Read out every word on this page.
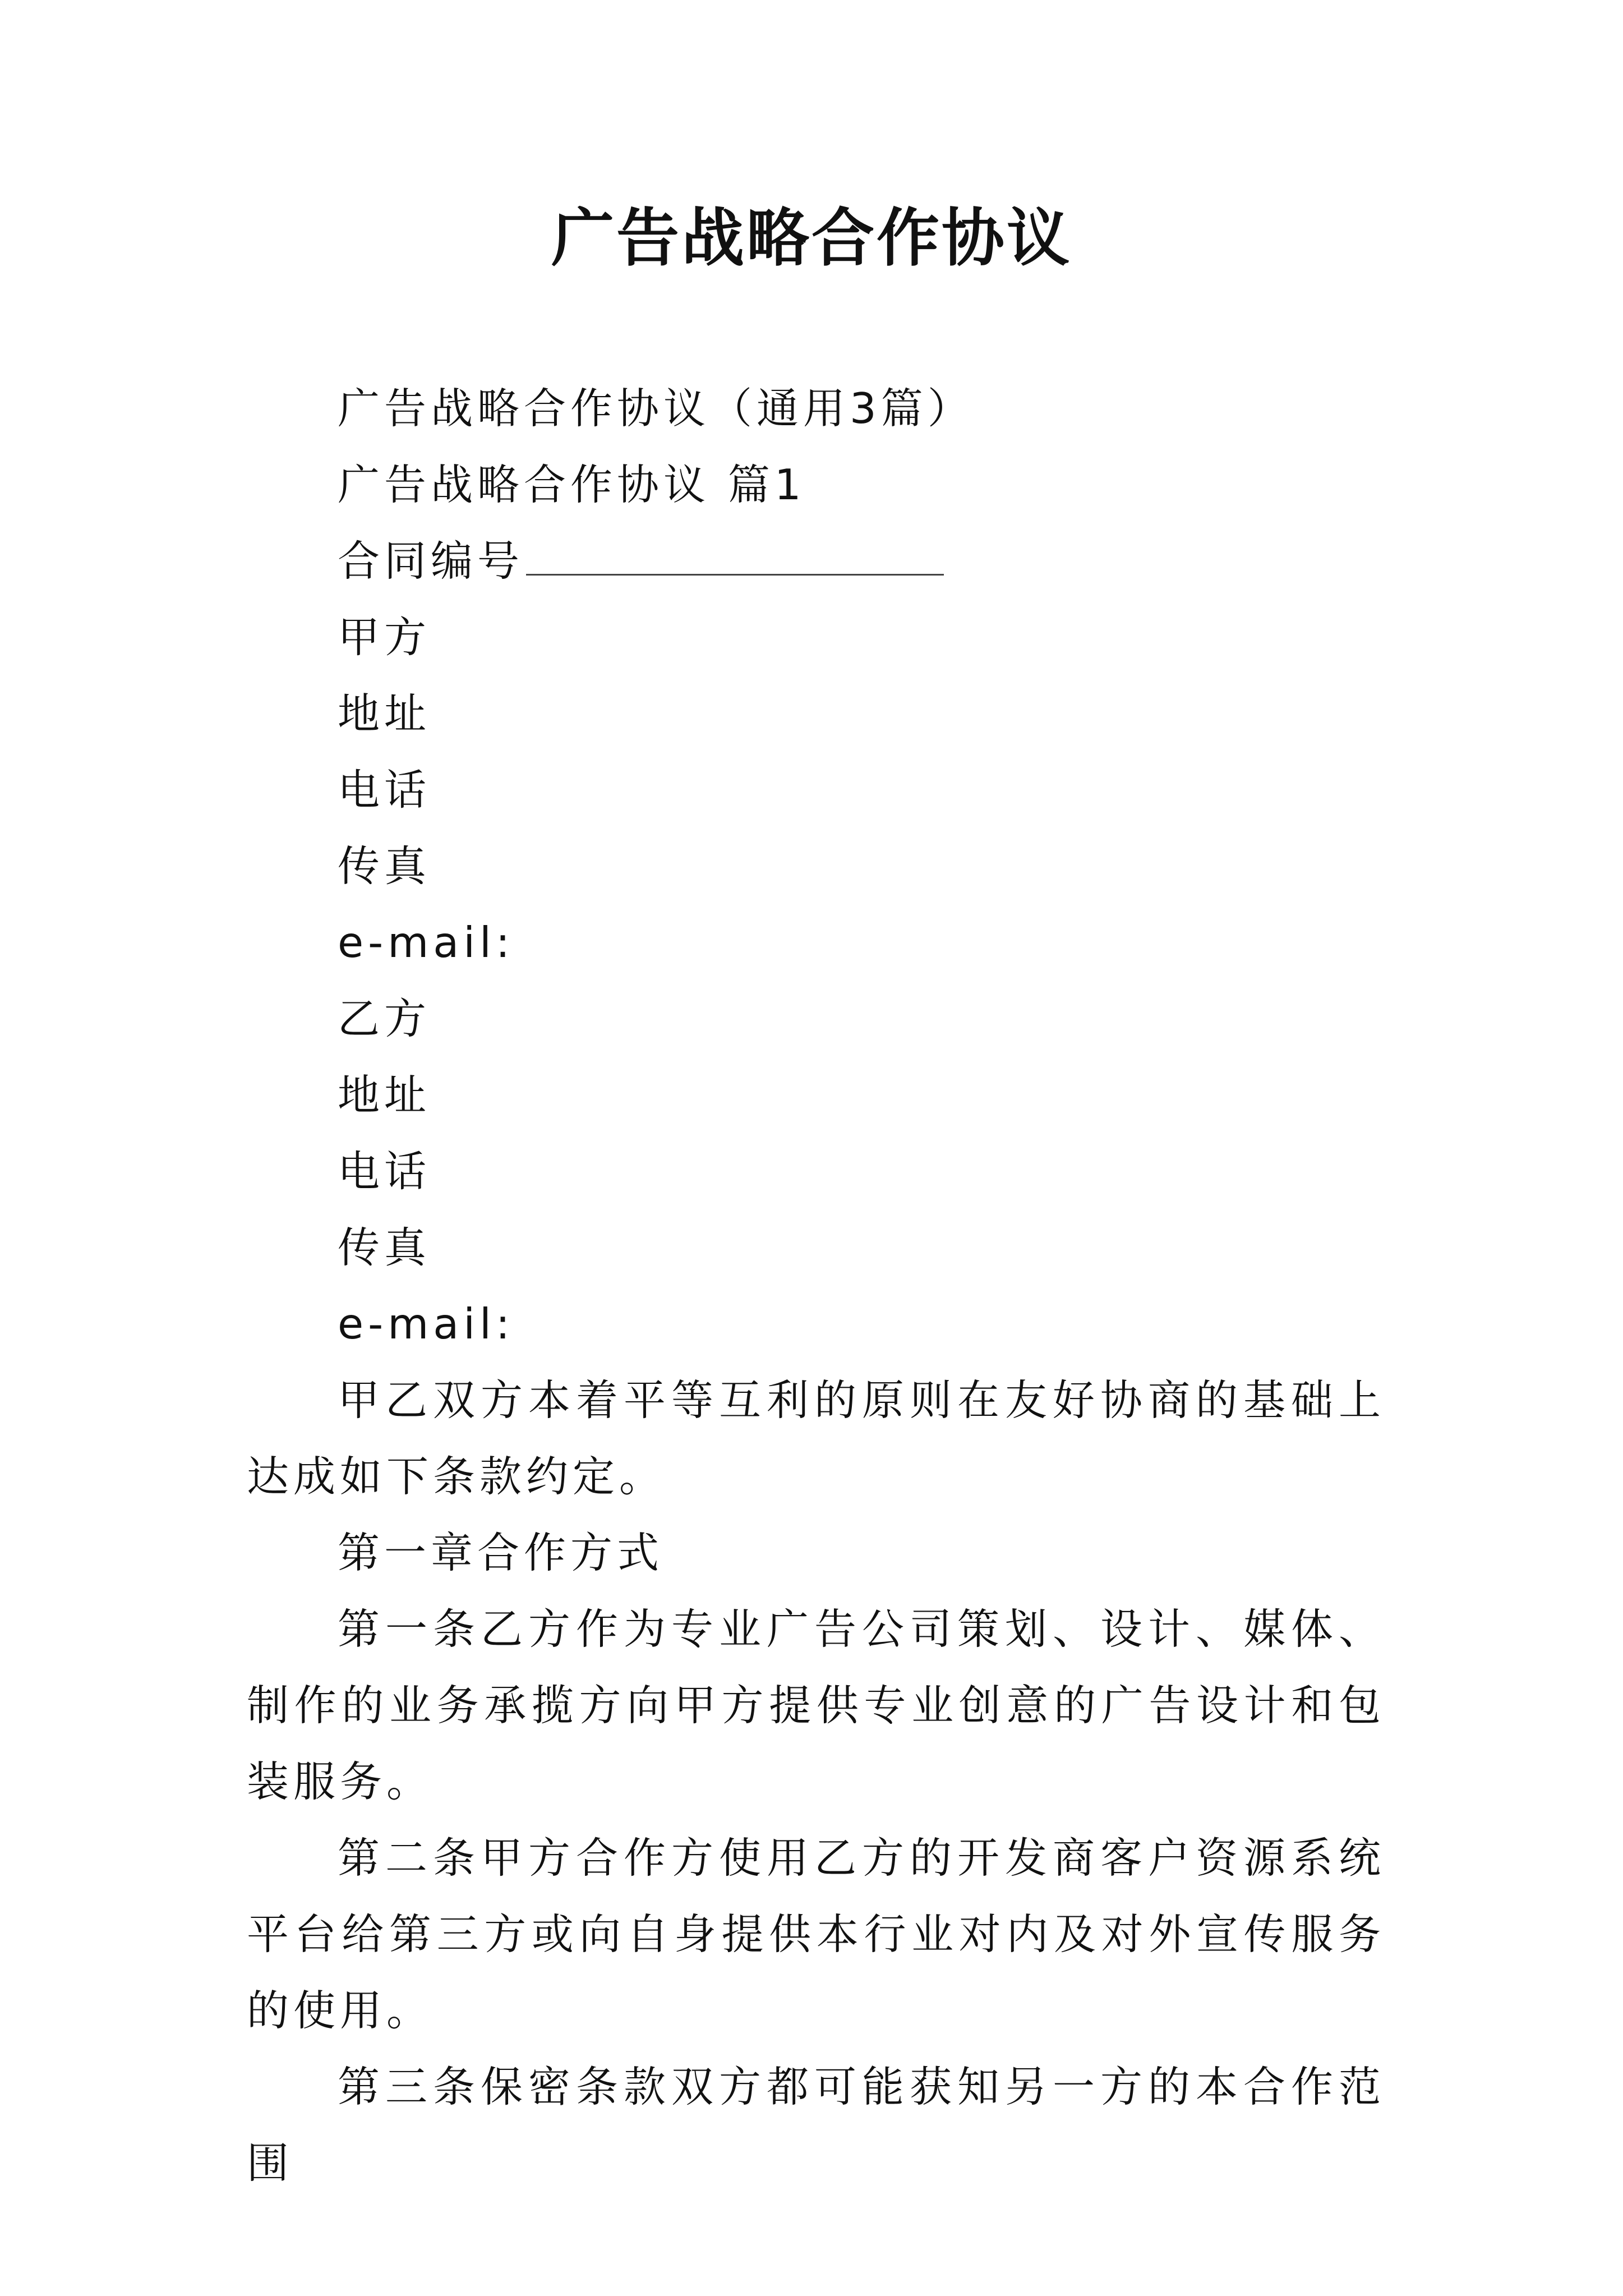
广告战略合作协议

广告战略合作协议（通用3篇）

广告战略合作协议 篇1

合同编号

甲方

地址

电话

传真

e-mail:

乙方

地址

电话

传真

e-mail:

甲乙双方本着平等互利的原则在友好协商的基础上达成如下条款约定。

第一章合作方式

第一条乙方作为专业广告公司策划、设计、媒体、制作的业务承揽方向甲方提供专业创意的广告设计和包装服务。

第二条甲方合作方使用乙方的开发商客户资源系统平台给第三方或向自身提供本行业对内及对外宣传服务的使用。

第三条保密条款双方都可能获知另一方的本合作范围
